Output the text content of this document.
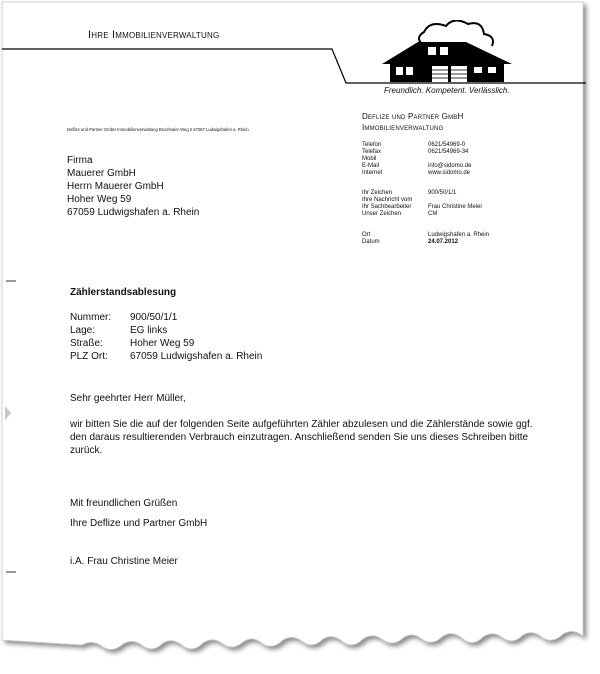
Ihre Immobilienverwaltung
Freundlich. Kompetent. Verlässlich.
Deflize und Partner GmbH Immobilienverwaltung Bruchsaler Weg 2 67067 Ludwigshafen a. Rhein
Deflize und Partner GmbH
Immobilienverwaltung
Telefon	0621/54969-0
Telefax	0621/54969-34
Mobil
E-Mail	info@sidomo.de
Internet	www.sidomo.de
Ihr Zeichen	900/50/1/1
Ihre Nachricht vom
Ihr Sachbearbeiter	Frau Christine Meier
Unser Zeichen	CM
Ort	Ludwigshafen a. Rhein
Datum	24.07.2012
Firma
Mauerer GmbH
Herrn Mauerer GmbH
Hoher Weg 59
67059 Ludwigshafen a. Rhein
Zählerstandsablesung
Nummer:	900/50/1/1
Lage:	EG links
Straße:	Hoher Weg 59
PLZ Ort:	67059 Ludwigshafen a. Rhein
Sehr geehrter Herr Müller,
wir bitten Sie die auf der folgenden Seite aufgeführten Zähler abzulesen und die Zählerstände sowie ggf. den daraus resultierenden Verbrauch einzutragen. Anschließend senden Sie uns dieses Schreiben bitte zurück.
Mit freundlichen Grüßen
Ihre Deflize und Partner GmbH
i.A. Frau Christine Meier
